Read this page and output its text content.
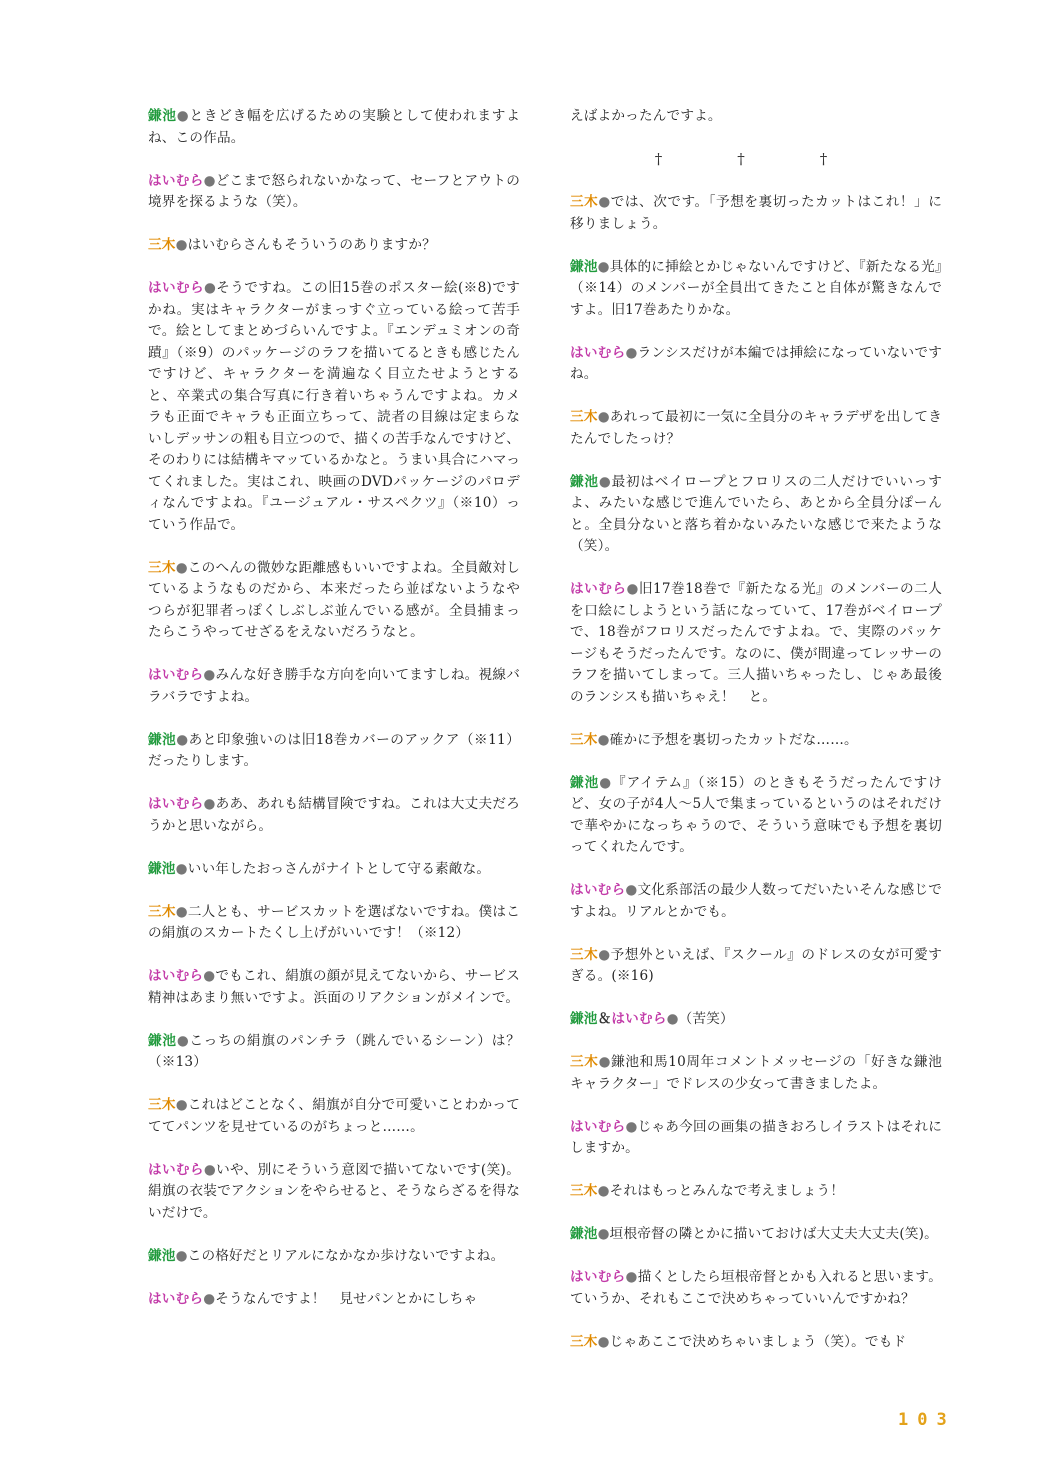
鎌池●ときどき幅を広げるための実験として使われますよね、この作品。

はいむら●どこまで怒られないかなって、セーフとアウトの境界を探るような（笑）。

三木●はいむらさんもそういうのありますか？

はいむら●そうですね。この旧15巻のポスター絵(※8)ですかね。実はキャラクターがまっすぐ立っている絵って苦手で。絵としてまとめづらいんですよ。『エンデュミオンの奇蹟』（※9）のパッケージのラフを描いてるときも感じたんですけど、キャラクターを満遍なく目立たせようとすると、卒業式の集合写真に行き着いちゃうんですよね。カメラも正面でキャラも正面立ちって、読者の目線は定まらないしデッサンの粗も目立つので、描くの苦手なんですけど、そのわりには結構キマッているかなと。うまい具合にハマってくれました。実はこれ、映画のDVDパッケージのパロディなんですよね。『ユージュアル・サスペクツ』（※10）っていう作品で。

三木●このへんの微妙な距離感もいいですよね。全員敵対しているようなものだから、本来だったら並ばないようなやつらが犯罪者っぽくしぶしぶ並んでいる感が。全員捕まったらこうやってせざるをえないだろうなと。

はいむら●みんな好き勝手な方向を向いてますしね。視線バラバラですよね。

鎌池●あと印象強いのは旧18巻カバーのアックア（※11）だったりします。

はいむら●ああ、あれも結構冒険ですね。これは大丈夫だろうかと思いながら。

鎌池●いい年したおっさんがナイトとして守る素敵な。

三木●二人とも、サービスカットを選ばないですね。僕はこの絹旗のスカートたくし上げがいいです！（※12）

はいむら●でもこれ、絹旗の顔が見えてないから、サービス精神はあまり無いですよ。浜面のリアクションがメインで。

鎌池●こっちの絹旗のパンチラ（跳んでいるシーン）は？（※13）

三木●これはどことなく、絹旗が自分で可愛いことわかってててパンツを見せているのがちょっと……。

はいむら●いや、別にそういう意図で描いてないです(笑)。絹旗の衣装でアクションをやらせると、そうならざるを得ないだけで。

鎌池●この格好だとリアルになかなか歩けないですよね。

はいむら●そうなんですよ！　見せパンとかにしちゃ

えばよかったんですよ。

†　†　†

三木●では、次です。「予想を裏切ったカットはこれ！」に移りましょう。

鎌池●具体的に挿絵とかじゃないんですけど、『新たなる光』（※14）のメンバーが全員出てきたこと自体が驚きなんですよ。旧17巻あたりかな。

はいむら●ランシスだけが本編では挿絵になっていないですね。

三木●あれって最初に一気に全員分のキャラデザを出してきたんでしたっけ？

鎌池●最初はベイロープとフロリスの二人だけでいいっすよ、みたいな感じで進んでいたら、あとから全員分ぽーんと。全員分ないと落ち着かないみたいな感じで来たような（笑）。

はいむら●旧17巻18巻で『新たなる光』のメンバーの二人を口絵にしようという話になっていて、17巻がベイロープで、18巻がフロリスだったんですよね。で、実際のパッケージもそうだったんです。なのに、僕が間違ってレッサーのラフを描いてしまって。三人描いちゃったし、じゃあ最後のランシスも描いちゃえ！　と。

三木●確かに予想を裏切ったカットだな……。

鎌池●『アイテム』（※15）のときもそうだったんですけど、女の子が4人～5人で集まっているというのはそれだけで華やかになっちゃうので、そういう意味でも予想を裏切ってくれたんです。

はいむら●文化系部活の最少人数ってだいたいそんな感じですよね。リアルとかでも。

三木●予想外といえば、『スクール』のドレスの女が可愛すぎる。(※16)

鎌池＆はいむら●（苦笑）

三木●鎌池和馬10周年コメントメッセージの「好きな鎌池キャラクター」でドレスの少女って書きましたよ。

はいむら●じゃあ今回の画集の描きおろしイラストはそれにしますか。

三木●それはもっとみんなで考えましょう！

鎌池●垣根帝督の隣とかに描いておけば大丈夫大丈夫(笑)。

はいむら●描くとしたら垣根帝督とかも入れると思います。ていうか、それもここで決めちゃっていいんですかね？

三木●じゃあここで決めちゃいましょう（笑）。でもド

103
